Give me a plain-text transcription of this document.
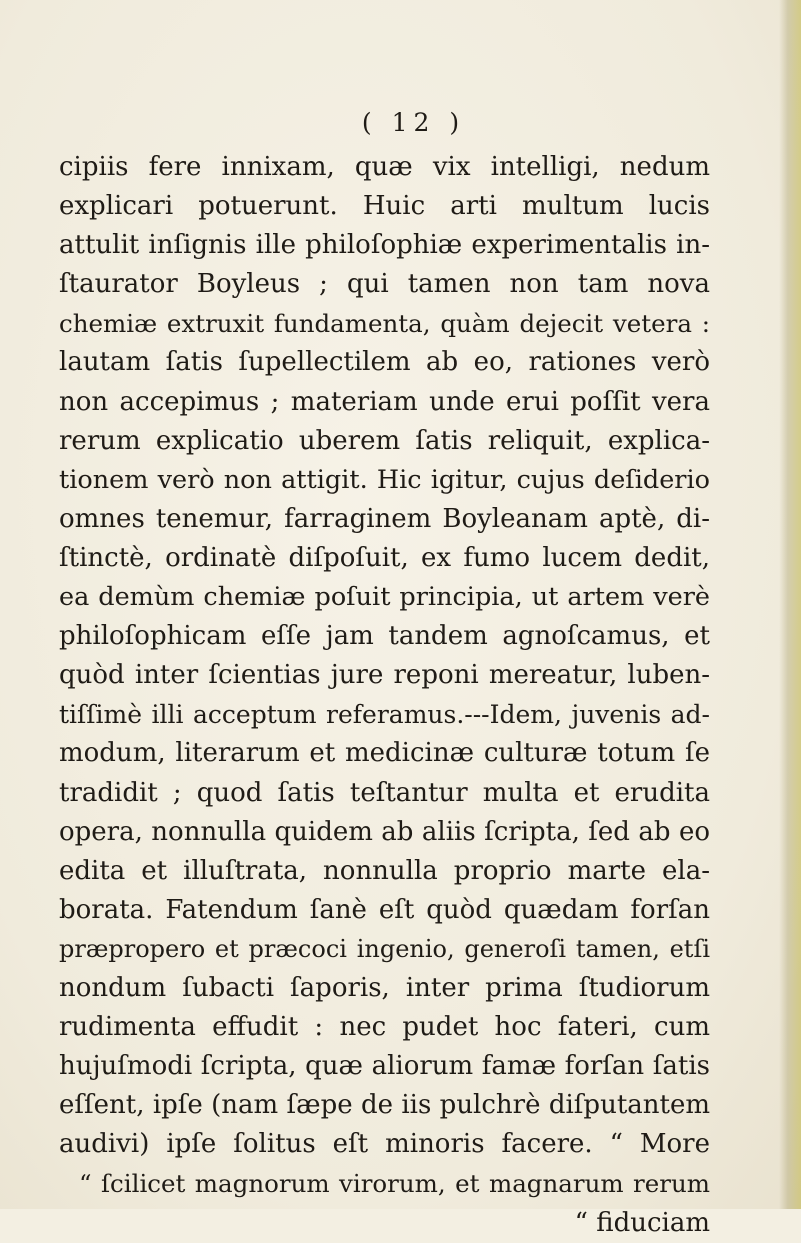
( 12 )
cipiis fere innixam, quæ vix intelligi, nedum
explicari potuerunt. Huic arti multum lucis
attulit inſignis ille philoſophiæ experimentalis in-
ſtaurator Boyleus ; qui tamen non tam nova
chemiæ extruxit fundamenta, quàm dejecit vetera :
lautam ſatis ſupellectilem ab eo, rationes verò
non accepimus ; materiam unde erui poſſit vera
rerum explicatio uberem ſatis reliquit, explica-
tionem verò non attigit. Hic igitur, cujus deſiderio
omnes tenemur, farraginem Boyleanam aptè, di-
ſtinctè, ordinatè diſpoſuit, ex fumo lucem dedit,
ea demùm chemiæ poſuit principia, ut artem verè
philoſophicam eſſe jam tandem agnoſcamus, et
quòd inter ſcientias jure reponi mereatur, luben-
tiſſimè illi acceptum referamus.---Idem, juvenis ad-
modum, literarum et medicinæ culturæ totum ſe
tradidit ; quod ſatis teſtantur multa et erudita
opera, nonnulla quidem ab aliis ſcripta, ſed ab eo
edita et illuſtrata, nonnulla proprio marte ela-
borata. Fatendum ſanè eſt quòd quædam forſan
præpropero et præcoci ingenio, generoſi tamen, etſi
nondum ſubacti ſaporis, inter prima ſtudiorum
rudimenta effudit : nec pudet hoc fateri, cum
hujuſmodi ſcripta, quæ aliorum famæ forſan ſatis
eſſent, ipſe (nam ſæpe de iis pulchrè diſputantem
audivi) ipſe ſolitus eſt minoris facere. “ More
“ ſcilicet magnorum virorum, et magnarum rerum
“ fiduciam
